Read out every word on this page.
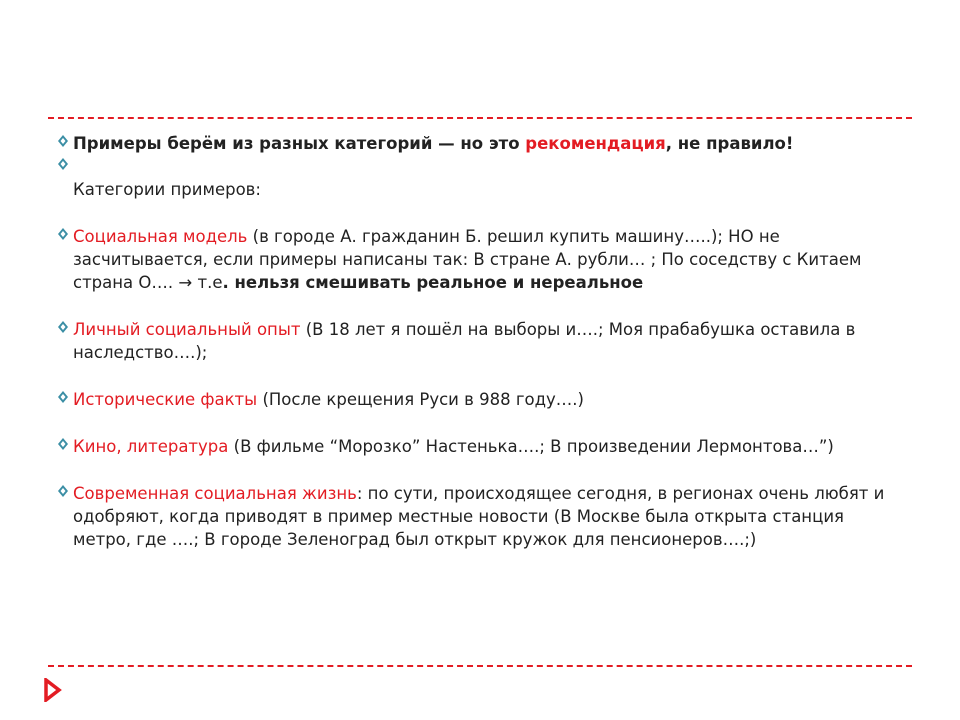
Примеры берём из разных категорий — но это рекомендация, не правило!
Категории примеров:
Социальная модель (в городе А. гражданин Б. решил купить машину…..); НО не засчитывается, если примеры написаны так: В стране А. рубли… ; По соседству с Китаем страна О…. → т.е. нельзя смешивать реальное и нереальное
Личный социальный опыт (В 18 лет я пошёл на выборы и….; Моя прабабушка оставила в наследство….);
Исторические факты (После крещения Руси в 988 году….)
Кино, литература (В фильме “Морозко” Настенька….; В произведении Лермонтова…”)
Современная социальная жизнь: по сути, происходящее сегодня, в регионах очень любят и одобряют, когда приводят в пример местные новости (В Москве была открыта станция метро, где ….; В городе Зеленоград был открыт кружок для пенсионеров….;)
